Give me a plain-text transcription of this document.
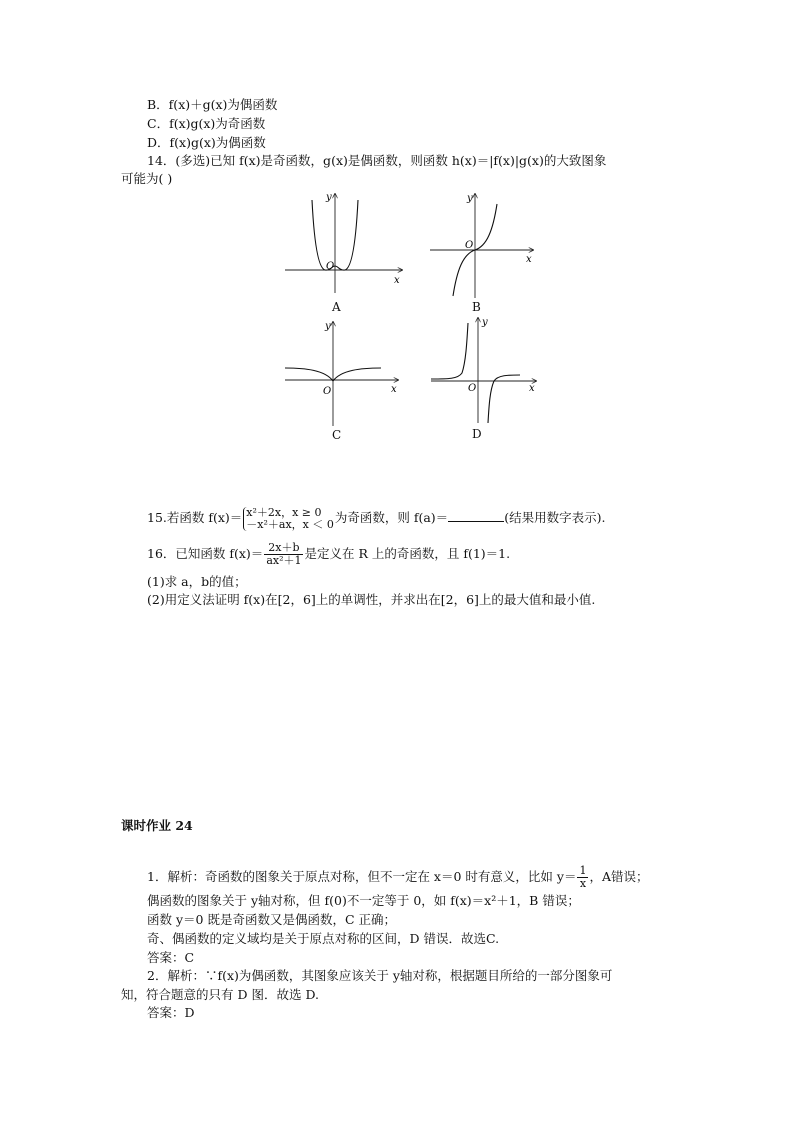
B．f(x)＋g(x)为偶函数
C．f(x)g(x)为奇函数
D．f(x)g(x)为偶函数
14．(多选)已知 f(x)是奇函数，g(x)是偶函数，则函数 h(x)＝|f(x)|g(x)的大致图象
可能为( )
x
y
O
A
x
y
O
B
x
y
O
C
x
y
O
D
15.若函数 f(x)＝ x²＋2x，x ≥ 0
－x²＋ax，x ＜ 0 为奇函数，则 f(a)＝	(结果用数字表示).
16．已知函数 $f(x)= \frac{2x+b}{\text{ax²＋1}}$ 是定义在 R 上的奇函数，且 f(1)＝1.
(1)求 a，b的值；
(2)用定义法证明 f(x)在[2，6]上的单调性，并求出在[2，6]上的最大值和最小值.
课时作业 24
1．解析：奇函数的图象关于原点对称，但不一定在 x＝0 时有意义，比如 $y= \frac{1}{x}$ ，A错误；
偶函数的图象关于 y轴对称，但 f(0)不一定等于 0，如 f(x)＝x²＋1，B 错误；
函数 y＝0 既是奇函数又是偶函数，C 正确；
奇、偶函数的定义域均是关于原点对称的区间，D 错误．故选C.
答案：C
2．解析：∵f(x)为偶函数，其图象应该关于 y轴对称，根据题目所给的一部分图象可
知，符合题意的只有 D 图．故选 D.
答案：D
